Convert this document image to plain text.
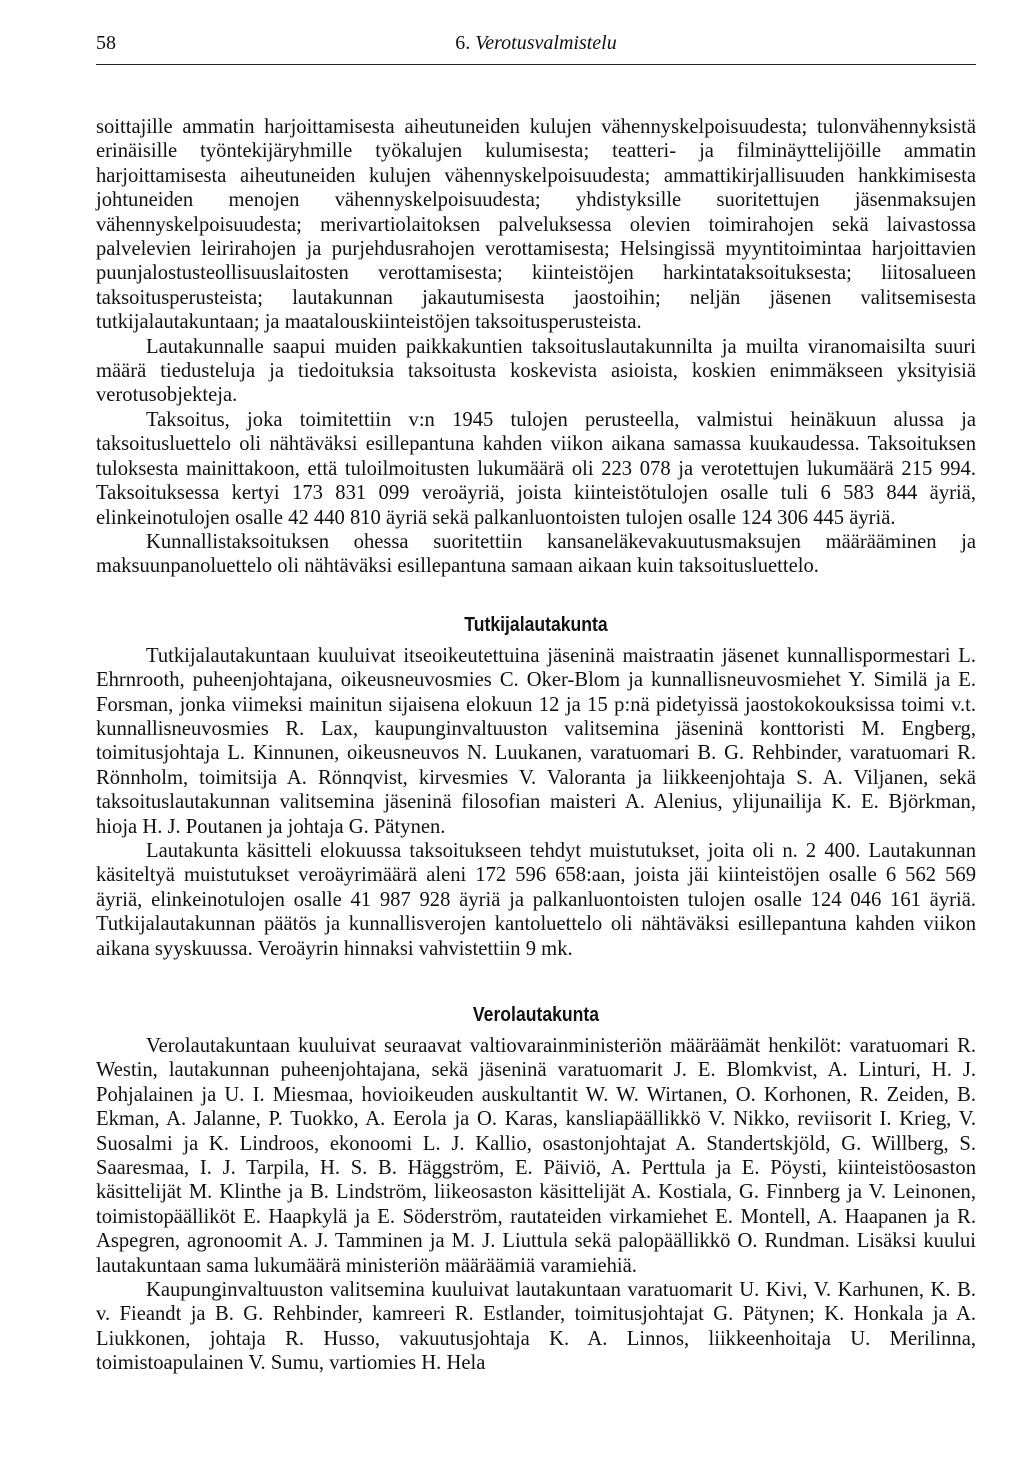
58	6. Verotusvalmistelu

soittajille ammatin harjoittamisesta aiheutuneiden kulujen vähennyskelpoisuudesta; tulonvähennyksistä erinäisille työntekijäryhmille työkalujen kulumisesta; teatteri- ja filminäyttelijöille ammatin harjoittamisesta aiheutuneiden kulujen vähennyskelpoisuudesta; ammattikirjallisuuden hankkimisesta johtuneiden menojen vähennyskelpoisuudesta; yhdistyksille suoritettujen jäsenmaksujen vähennyskelpoisuudesta; merivartiolaitoksen palveluksessa olevien toimirahojen sekä laivastossa palvelevien leirirahojen ja purjehdusrahojen verottamisesta; Helsingissä myyntitoimintaa harjoittavien puunjalostusteollisuuslaitosten verottamisesta; kiinteistöjen harkintataksoituksesta; liitosalueen taksoitusperusteista; lautakunnan jakautumisesta jaostoihin; neljän jäsenen valitsemisesta tutkijalautakuntaan; ja maatalouskiinteistöjen taksoitusperusteista.

Lautakunnalle saapui muiden paikkakuntien taksoituslautakunnilta ja muilta viranomaisilta suuri määrä tiedusteluja ja tiedoituksia taksoitusta koskevista asioista, koskien enimmäkseen yksityisiä verotusobjekteja.

Taksoitus, joka toimitettiin v:n 1945 tulojen perusteella, valmistui heinäkuun alussa ja taksoitusluettelo oli nähtäväksi esillepantuna kahden viikon aikana samassa kuukaudessa. Taksoituksen tuloksesta mainittakoon, että tuloilmoitusten lukumäärä oli 223 078 ja verotettujen lukumäärä 215 994. Taksoituksessa kertyi 173 831 099 veroäyriä, joista kiinteistötulojen osalle tuli 6 583 844 äyriä, elinkeinotulojen osalle 42 440 810 äyriä sekä palkanluontoisten tulojen osalle 124 306 445 äyriä.

Kunnallistaksoituksen ohessa suoritettiin kansaneläkevakuutusmaksujen määrääminen ja maksuunpanoluettelo oli nähtäväksi esillepantuna samaan aikaan kuin taksoitusluettelo.

Tutkijalautakunta

Tutkijalautakuntaan kuuluivat itseoikeutettuina jäseninä maistraatin jäsenet kunnallispormestari L. Ehrnrooth, puheenjohtajana, oikeusneuvosmies C. Oker-Blom ja kunnallisneuvosmiehet Y. Similä ja E. Forsman, jonka viimeksi mainitun sijaisena elokuun 12 ja 15 p:nä pidetyissä jaostokokouksissa toimi v.t. kunnallisneuvosmies R. Lax, kaupunginvaltuuston valitsemina jäseninä konttoristi M. Engberg, toimitusjohtaja L. Kinnunen, oikeusneuvos N. Luukanen, varatuomari B. G. Rehbinder, varatuomari R. Rönnholm, toimitsija A. Rönnqvist, kirvesmies V. Valoranta ja liikkeenjohtaja S. A. Viljanen, sekä taksoituslautakunnan valitsemina jäseninä filosofian maisteri A. Alenius, ylijunailija K. E. Björkman, hioja H. J. Poutanen ja johtaja G. Pätynen.

Lautakunta käsitteli elokuussa taksoitukseen tehdyt muistutukset, joita oli n. 2 400. Lautakunnan käsiteltyä muistutukset veroäyrimäärä aleni 172 596 658:aan, joista jäi kiinteistöjen osalle 6 562 569 äyriä, elinkeinotulojen osalle 41 987 928 äyriä ja palkanluontoisten tulojen osalle 124 046 161 äyriä. Tutkijalautakunnan päätös ja kunnallisverojen kantoluettelo oli nähtäväksi esillepantuna kahden viikon aikana syyskuussa. Veroäyrin hinnaksi vahvistettiin 9 mk.

Verolautakunta

Verolautakuntaan kuuluivat seuraavat valtiovarainministeriön määräämät henkilöt: varatuomari R. Westin, lautakunnan puheenjohtajana, sekä jäseninä varatuomarit J. E. Blomkvist, A. Linturi, H. J. Pohjalainen ja U. I. Miesmaa, hovioikeuden auskultantit W. W. Wirtanen, O. Korhonen, R. Zeiden, B. Ekman, A. Jalanne, P. Tuokko, A. Eerola ja O. Karas, kansliapäällikkö V. Nikko, reviisorit I. Krieg, V. Suosalmi ja K. Lindroos, ekonoomi L. J. Kallio, osastonjohtajat A. Standertskjöld, G. Willberg, S. Saaresmaa, I. J. Tarpila, H. S. B. Häggström, E. Päiviö, A. Perttula ja E. Pöysti, kiinteistöosaston käsittelijät M. Klinthe ja B. Lindström, liikeosaston käsittelijät A. Kostiala, G. Finnberg ja V. Leinonen, toimistopäälliköt E. Haapkylä ja E. Söderström, rautateiden virkamiehet E. Montell, A. Haapanen ja R. Aspegren, agronoomit A. J. Tamminen ja M. J. Liuttula sekä palopäällikkö O. Rundman. Lisäksi kuului lautakuntaan sama lukumäärä ministeriön määräämiä varamiehiä.

Kaupunginvaltuuston valitsemina kuuluivat lautakuntaan varatuomarit U. Kivi, V. Karhunen, K. B. v. Fieandt ja B. G. Rehbinder, kamreeri R. Estlander, toimitusjohtajat G. Pätynen; K. Honkala ja A. Liukkonen, johtaja R. Husso, vakuutusjohtaja K. A. Linnos, liikkeenhoitaja U. Merilinna, toimistoapulainen V. Sumu, vartiomies H. Hela
